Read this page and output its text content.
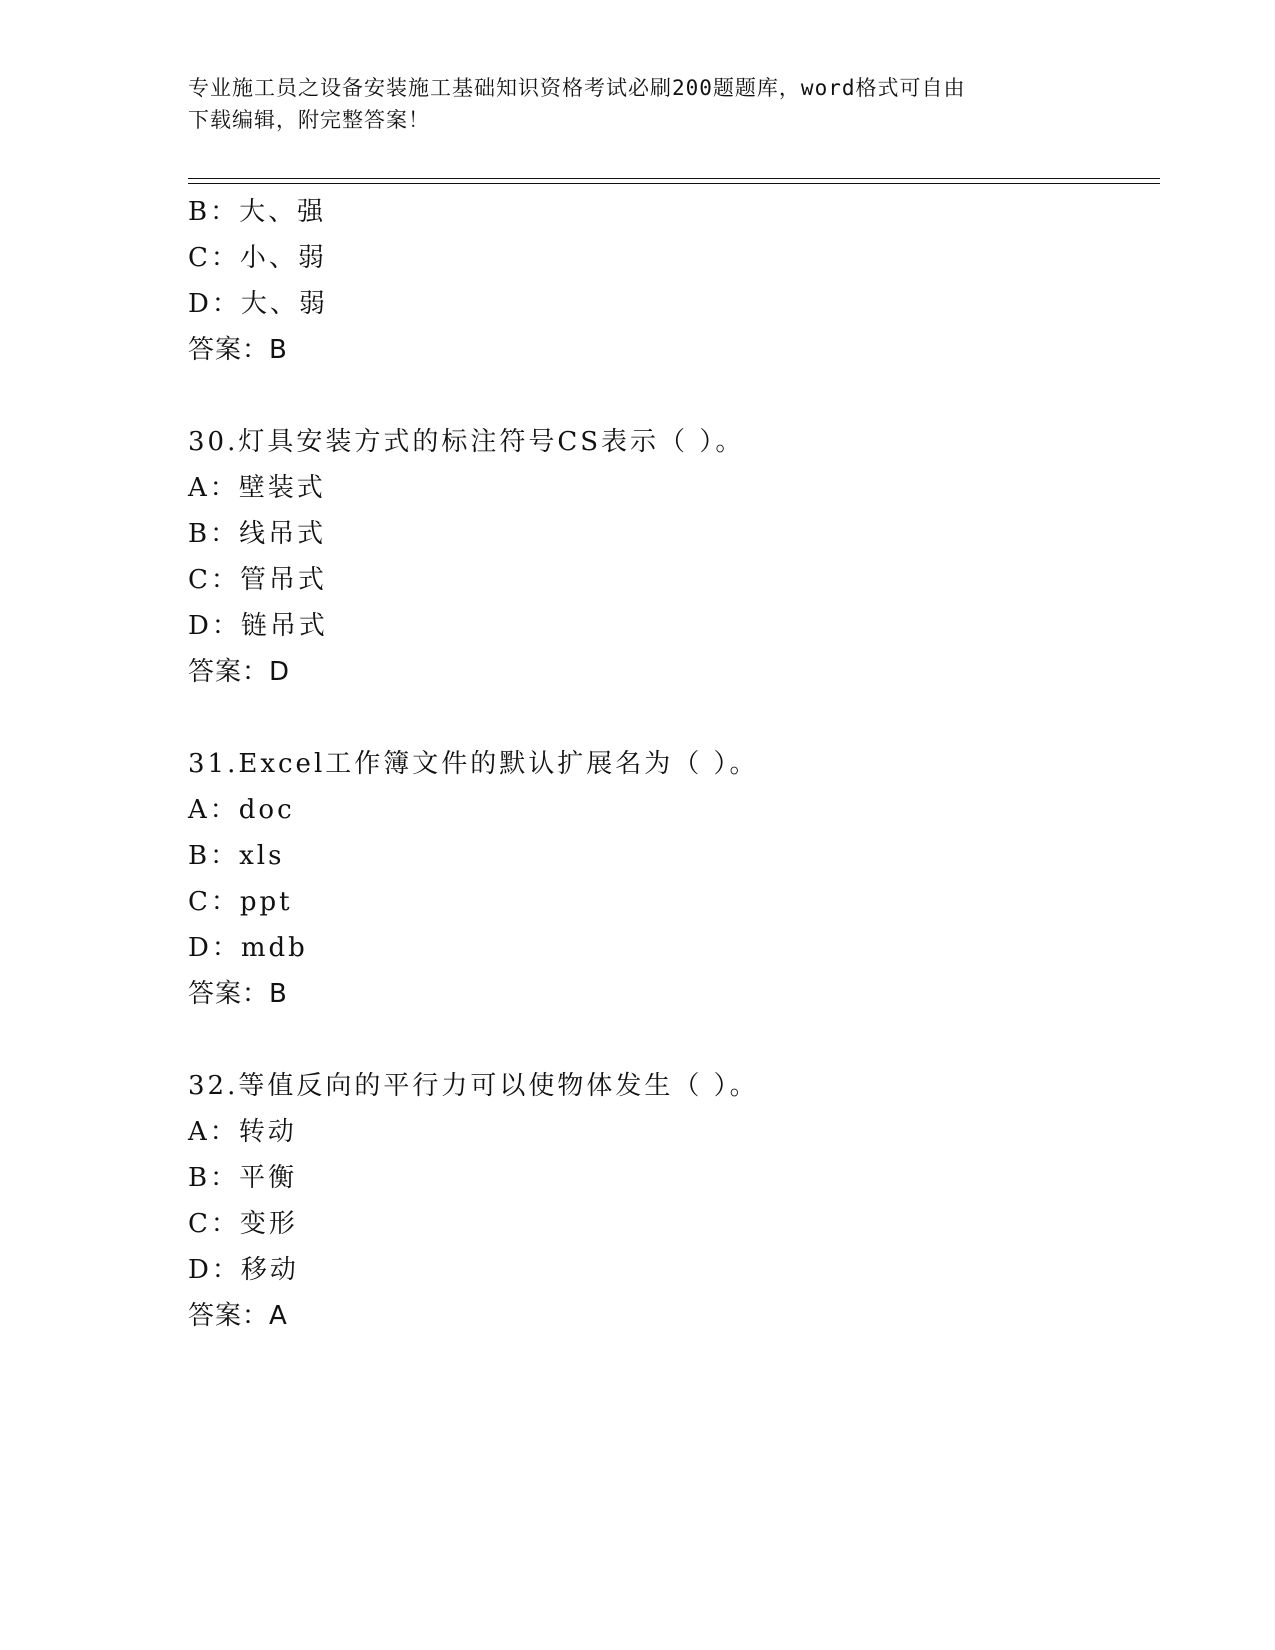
专业施工员之设备安装施工基础知识资格考试必刷200题题库，word格式可自由
下载编辑，附完整答案！
B：大、强
C：小、弱
D：大、弱
答案：B
30.灯具安装方式的标注符号CS表示（ ）。
A：壁装式
B：线吊式
C：管吊式
D：链吊式
答案：D
31.Excel工作簿文件的默认扩展名为（ ）。
A：doc
B：xls
C：ppt
D：mdb
答案：B
32.等值反向的平行力可以使物体发生（ ）。
A：转动
B：平衡
C：变形
D：移动
答案：A
